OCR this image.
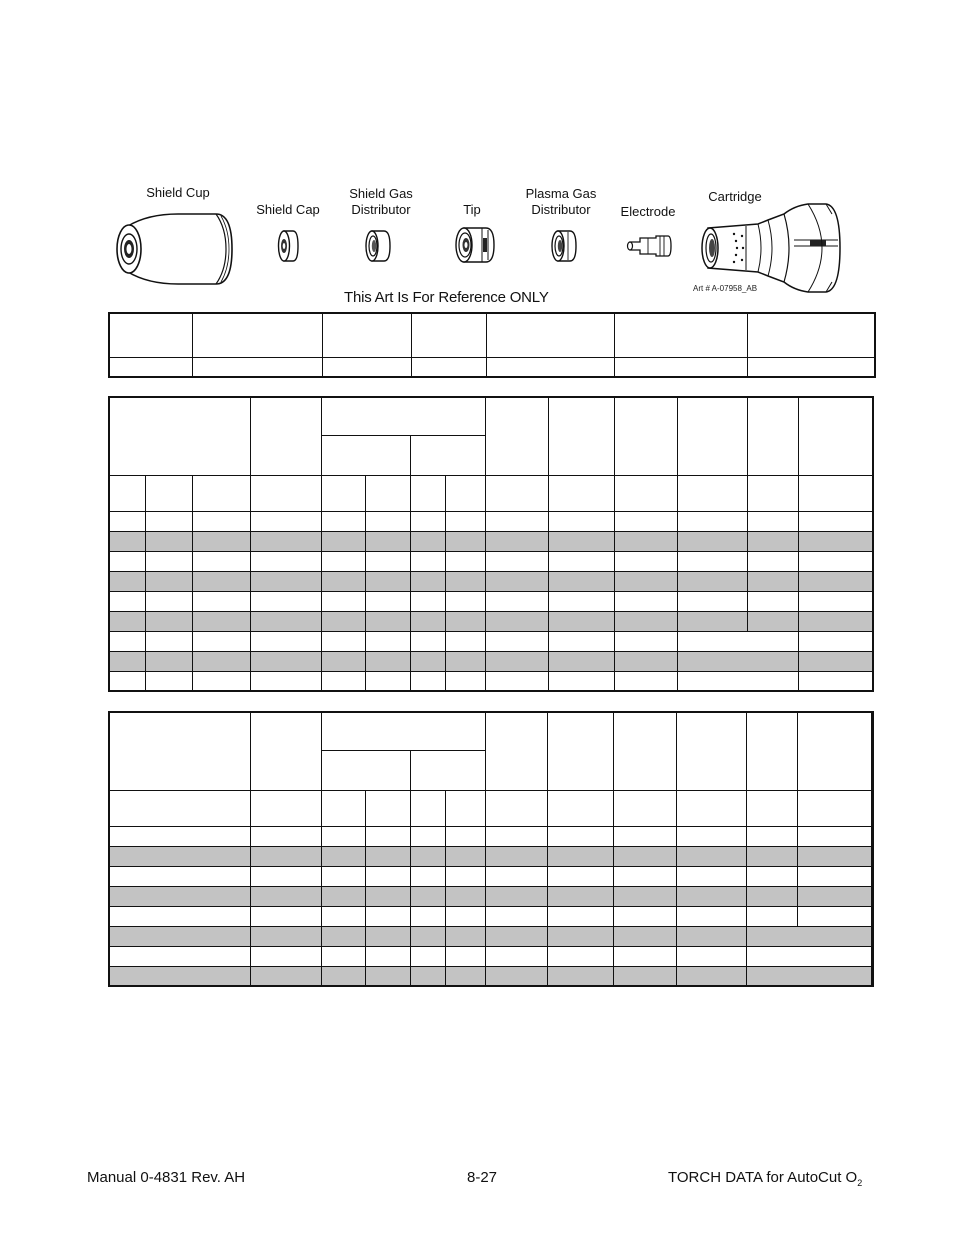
Shield Cup
Shield Cap
Shield Gas
Distributor	Tip
Plasma Gas
Distributor	Electrode
Cartridge
Art # A-07958_AB
This Art Is For Reference ONLY

Manual 0-4831 Rev. AH	8-27	TORCH DATA for AutoCut $O_2$
